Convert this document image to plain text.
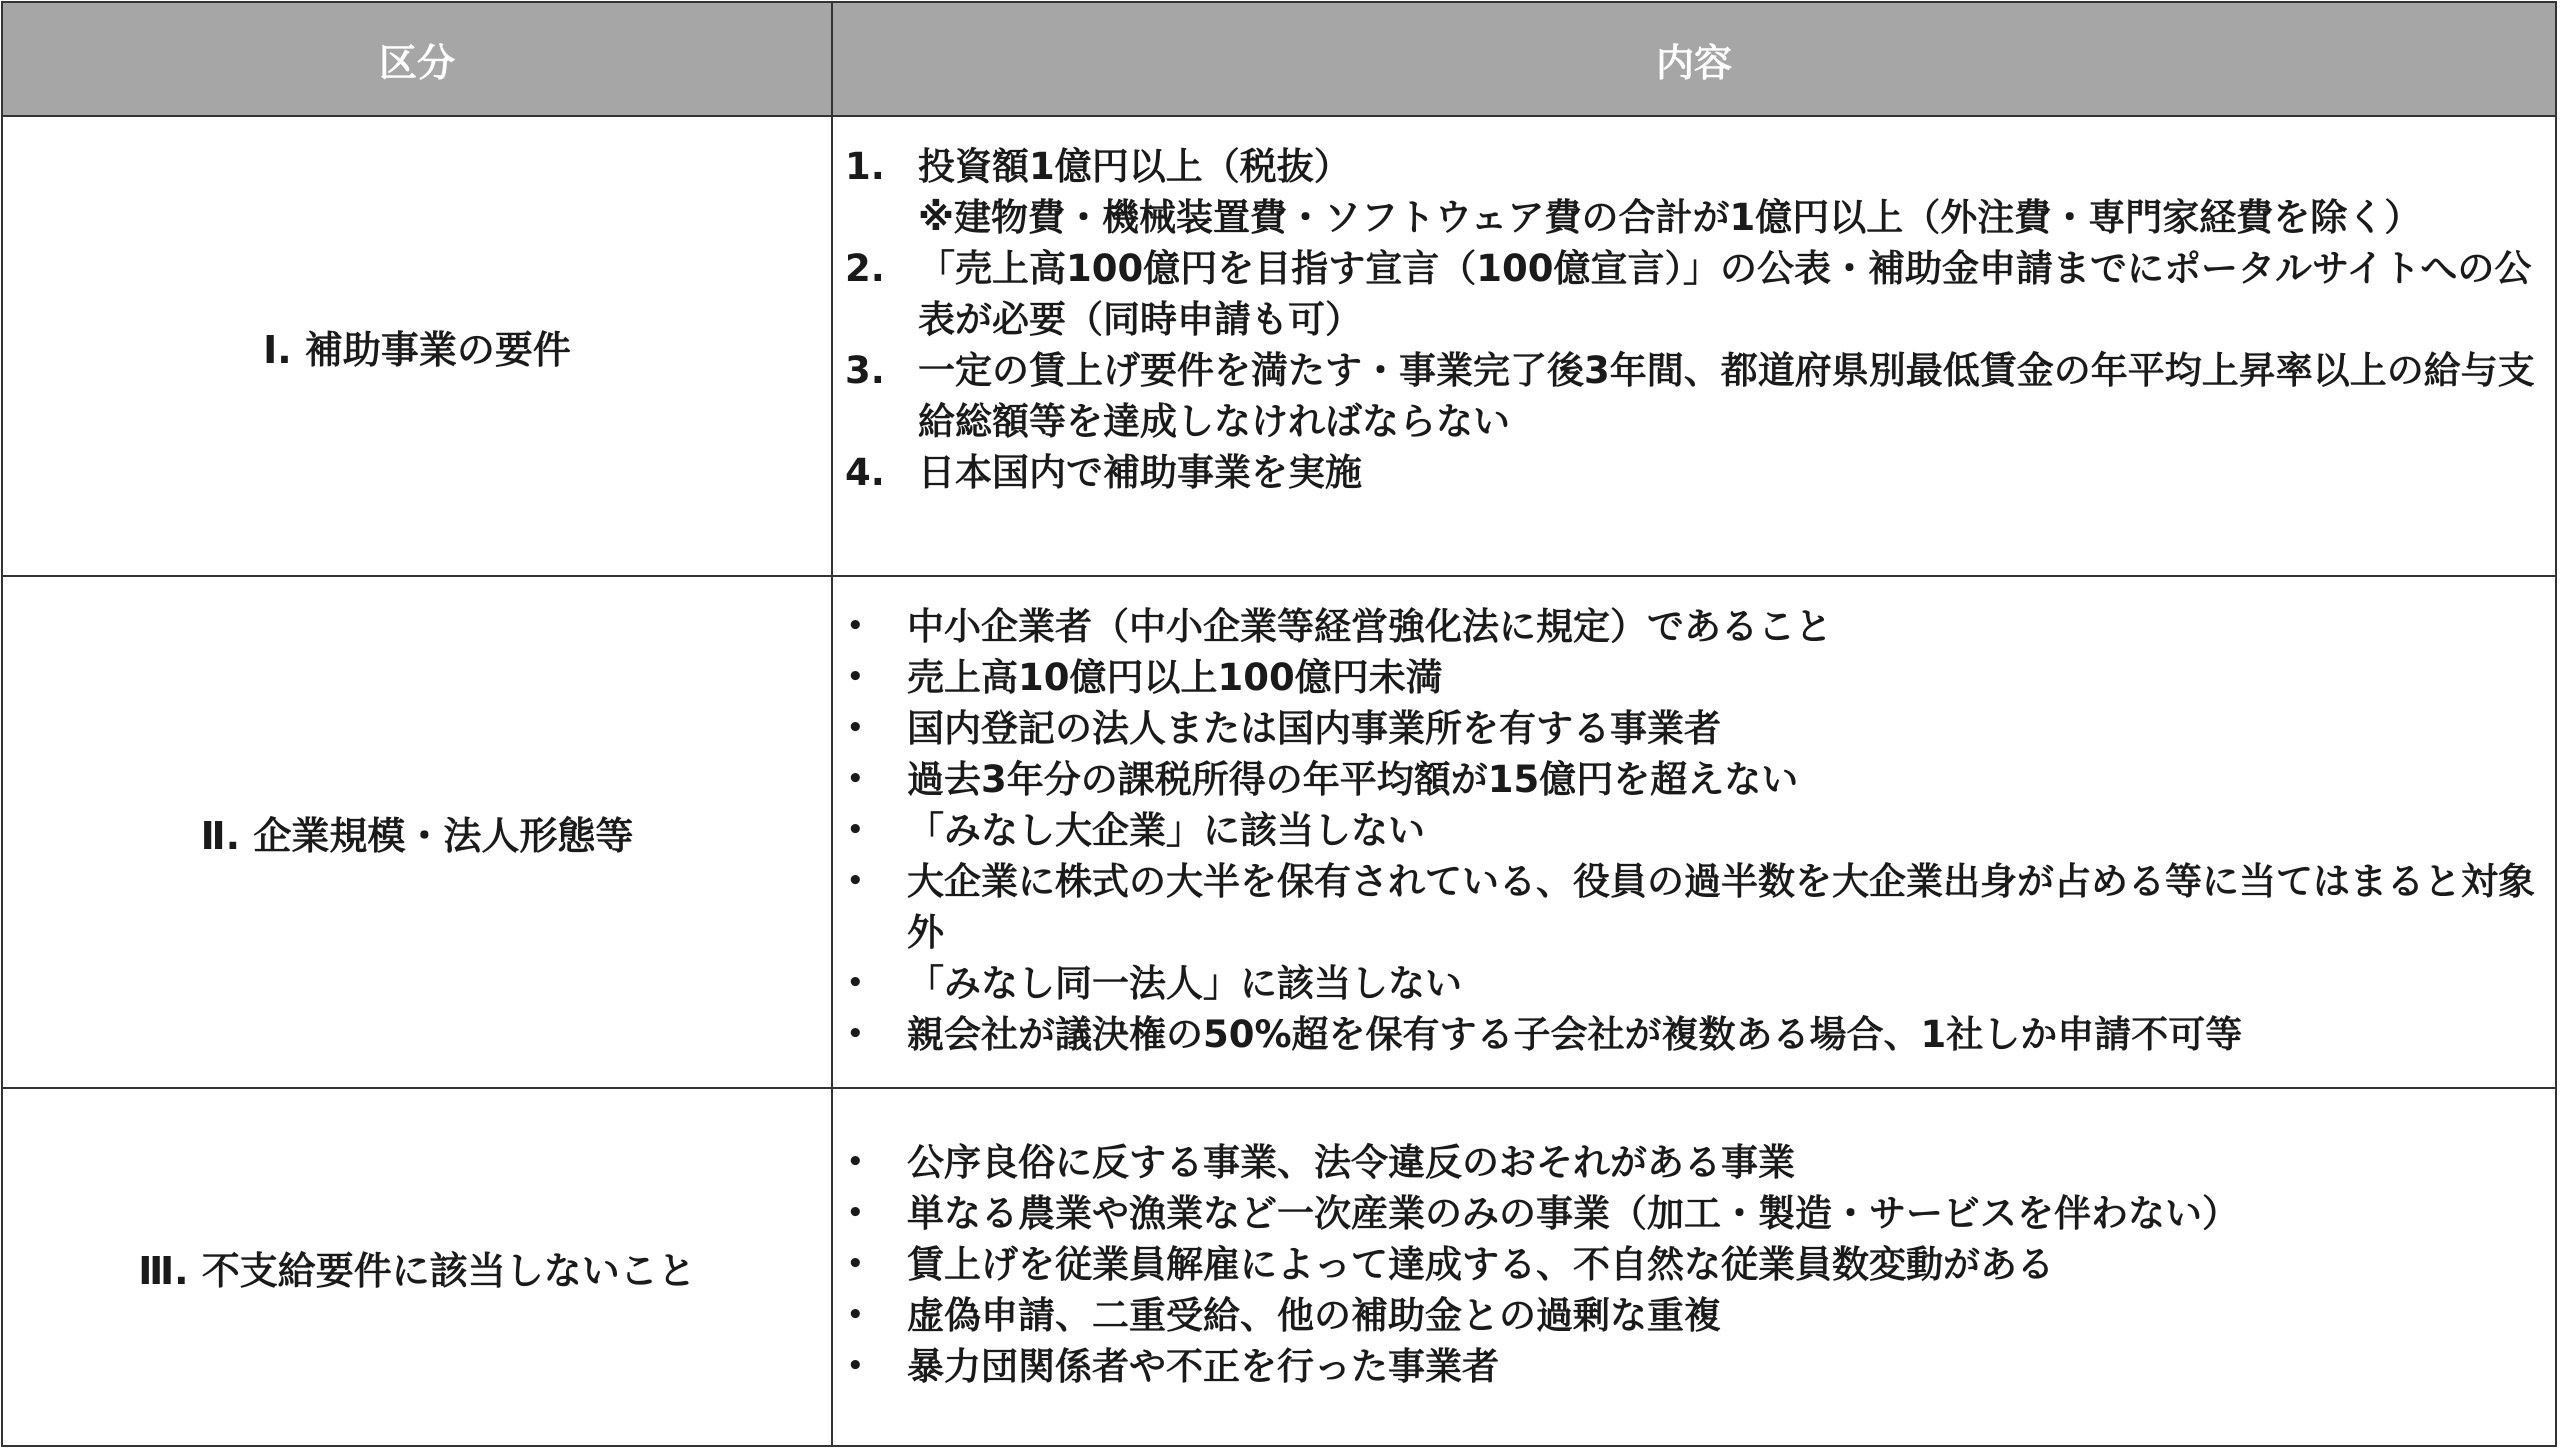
区分	内容
Ⅰ. 補助事業の要件
1. 投資額1億円以上（税抜）
※建物費・機械装置費・ソフトウェア費の合計が1億円以上（外注費・専門家経費を除く）
2. 「売上高100億円を目指す宣言（100億宣言）」の公表・補助金申請までにポータルサイトへの公表が必要（同時申請も可）
3. 一定の賃上げ要件を満たす・事業完了後3年間、都道府県別最低賃金の年平均上昇率以上の給与支給総額等を達成しなければならない
4. 日本国内で補助事業を実施
Ⅱ. 企業規模・法人形態等
• 中小企業者（中小企業等経営強化法に規定）であること
• 売上高10億円以上100億円未満
• 国内登記の法人または国内事業所を有する事業者
• 過去3年分の課税所得の年平均額が15億円を超えない
• 「みなし大企業」に該当しない
• 大企業に株式の大半を保有されている、役員の過半数を大企業出身が占める等に当てはまると対象外
• 「みなし同一法人」に該当しない
• 親会社が議決権の50%超を保有する子会社が複数ある場合、1社しか申請不可等
Ⅲ. 不支給要件に該当しないこと
• 公序良俗に反する事業、法令違反のおそれがある事業
• 単なる農業や漁業など一次産業のみの事業（加工・製造・サービスを伴わない）
• 賃上げを従業員解雇によって達成する、不自然な従業員数変動がある
• 虚偽申請、二重受給、他の補助金との過剰な重複
• 暴力団関係者や不正を行った事業者
